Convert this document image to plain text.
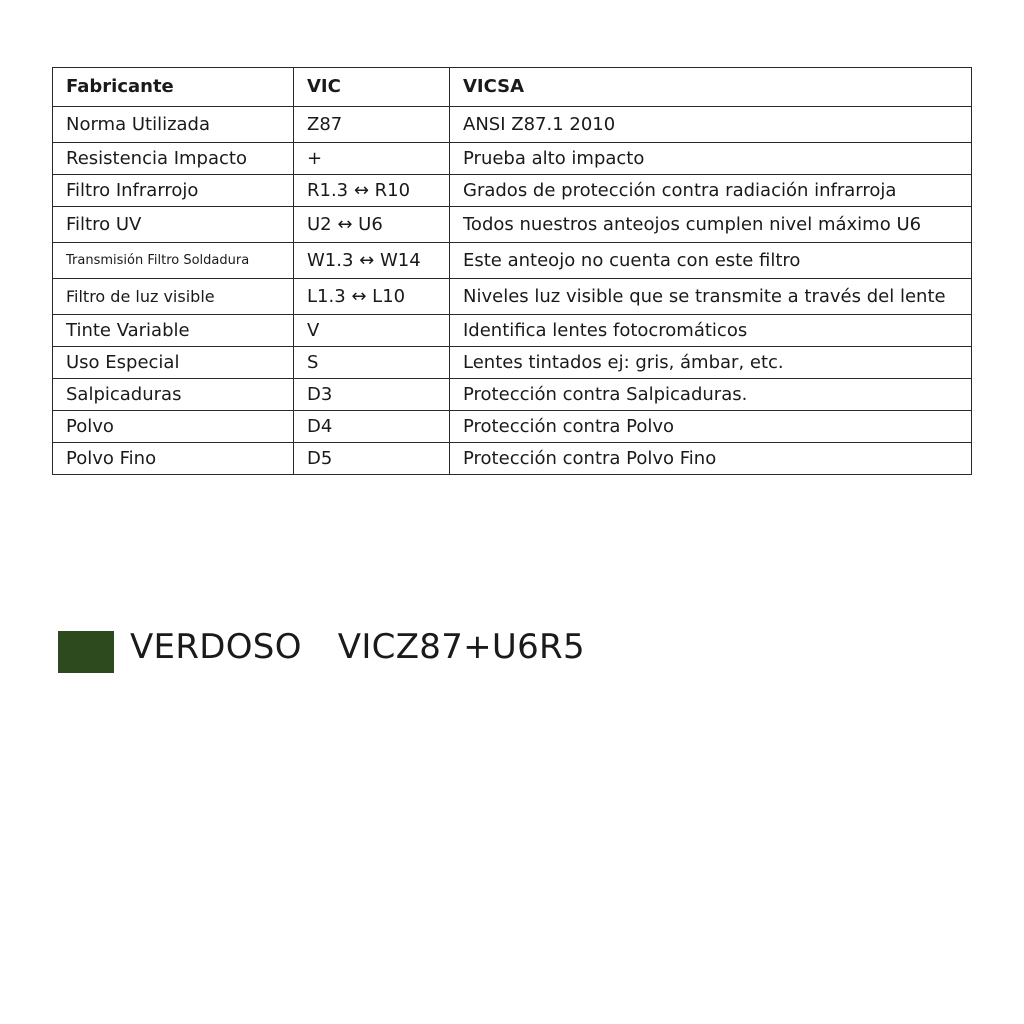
Fabricante	VIC	VICSA
Norma Utilizada	Z87	ANSI Z87.1 2010
Resistencia Impacto	+	Prueba alto impacto
Filtro Infrarrojo	R1.3 ↔ R10	Grados de protección contra radiación infrarroja
Filtro UV	U2 ↔ U6	Todos nuestros anteojos cumplen nivel máximo U6
Transmisión Filtro Soldadura	W1.3 ↔ W14	Este anteojo no cuenta con este filtro
Filtro de luz visible	L1.3 ↔ L10	Niveles luz visible que se transmite a través del lente
Tinte Variable	V	Identifica lentes fotocromáticos
Uso Especial	S	Lentes tintados ej: gris, ámbar, etc.
Salpicaduras	D3	Protección contra Salpicaduras.
Polvo	D4	Protección contra Polvo
Polvo Fino	D5	Protección contra Polvo Fino
VERDOSO VICZ87+U6R5
